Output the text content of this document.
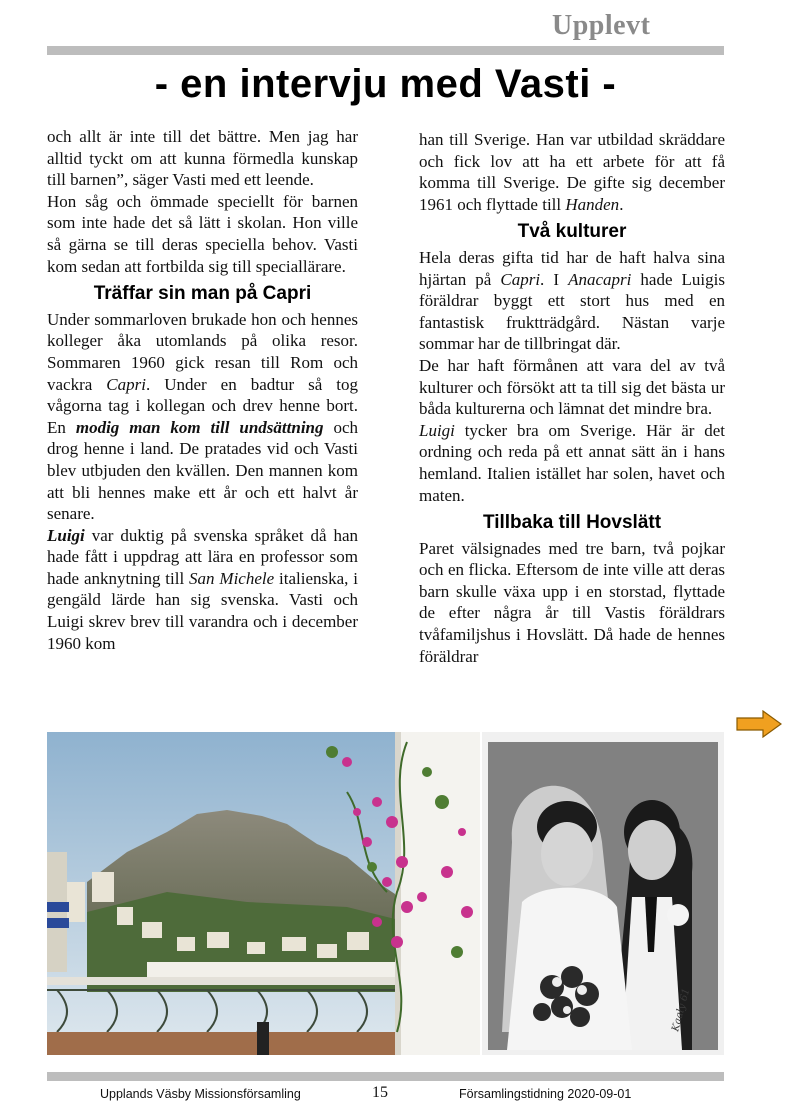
Upplevt
- en intervju med Vasti -

och allt är inte till det bättre. Men jag har alltid tyckt om att kunna förmedla kunskap till barnen”, säger Vasti med ett leende.

Hon såg och ömmade speciellt för barnen som inte hade det så lätt i skolan. Hon ville så gärna se till deras speciella behov. Vasti kom sedan att fortbilda sig till speciallärare.

Träffar sin man på Capri

Under sommarloven brukade hon och hennes kolleger åka utomlands på olika resor. Sommaren 1960 gick resan till Rom och vackra Capri. Under en badtur så tog vågorna tag i kollegan och drev henne bort. En modig man kom till undsättning och drog henne i land. De pratades vid och Vasti blev utbjuden den kvällen. Den mannen kom att bli hennes make ett år och ett halvt år senare.

Luigi var duktig på svenska språket då han hade fått i uppdrag att lära en professor som hade anknytning till San Michele italienska, i gengäld lärde han sig svenska. Vasti och Luigi skrev brev till varandra och i december 1960 kom

han till Sverige. Han var utbildad skräddare och fick lov att ha ett arbete för att få komma till Sverige. De gifte sig december 1961 och flyttade till Handen.

Två kulturer

Hela deras gifta tid har de haft halva sina hjärtan på Capri. I Anacapri hade Luigis föräldrar byggt ett stort hus med en fantastisk fruktträdgård. Nästan varje sommar har de tillbringat där.

De har haft förmånen att vara del av två kulturer och försökt att ta till sig det bästa ur båda kulturerna och lämnat det mindre bra.

Luigi tycker bra om Sverige. Här är det ordning och reda på ett annat sätt än i hans hemland. Italien istället har solen, havet och maten.

Tillbaka till Hovslätt

Paret välsignades med tre barn, två pojkar och en flicka. Eftersom de inte ville att deras barn skulle växa upp i en storstad, flyttade de efter några år till Vastis föräldrars tvåfamiljshus i Hovslätt. Då hade de hennes föräldrar

Kaaly 61
Upplands Väsby Missionsförsamling	15	Församlingstidning 2020-09-01
